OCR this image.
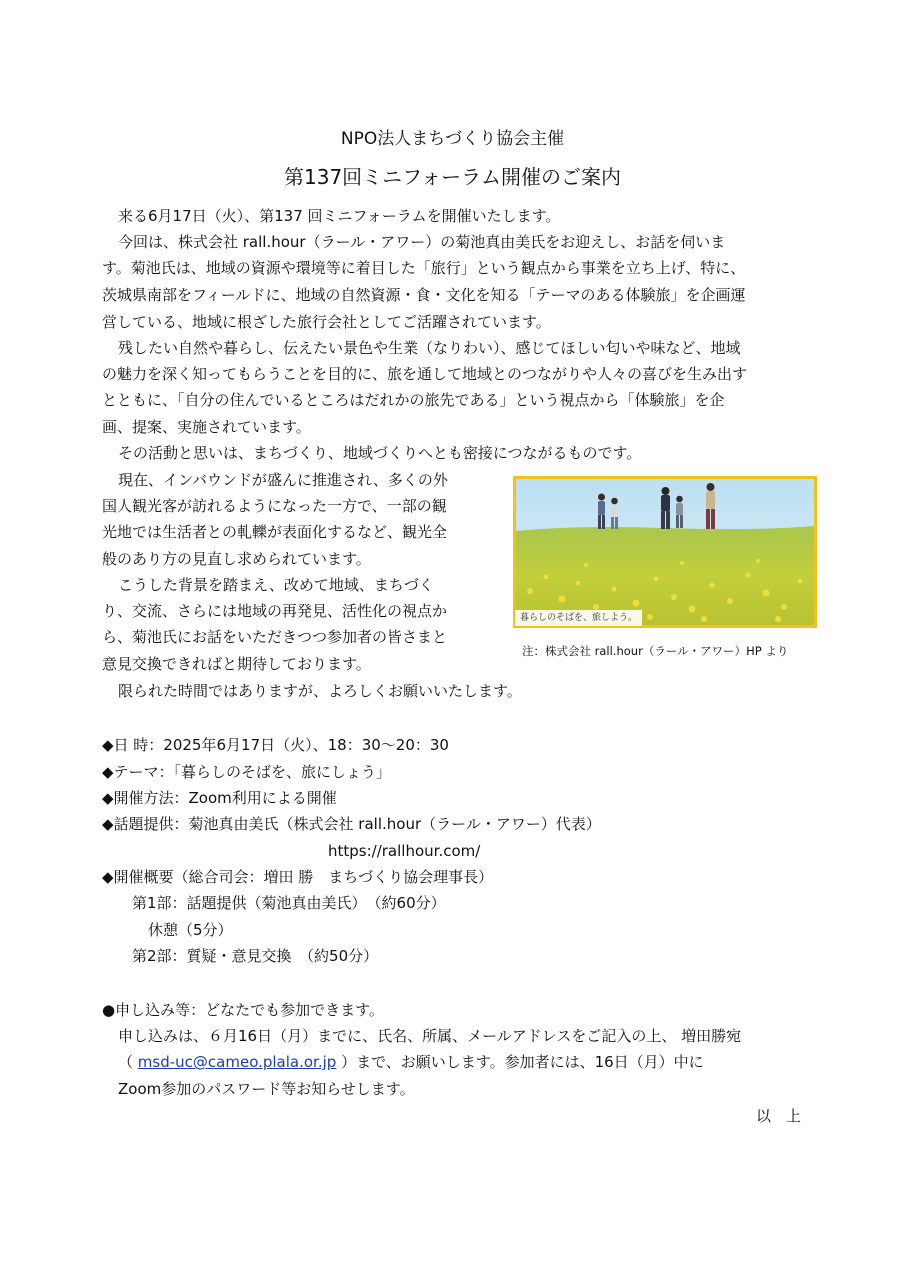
NPO法人まちづくり協会主催
第137回ミニフォーラム開催のご案内
来る6月17日（火）、第137 回ミニフォーラムを開催いたします。
今回は、株式会社 rall.hour（ラール・アワー）の菊池真由美氏をお迎えし、お話を伺いま
す。菊池氏は、地域の資源や環境等に着目した「旅行」という観点から事業を立ち上げ、特に、
茨城県南部をフィールドに、地域の自然資源・食・文化を知る「テーマのある体験旅」を企画運
営している、地域に根ざした旅行会社としてご活躍されています。
残したい自然や暮らし、伝えたい景色や生業（なりわい）、感じてほしい匂いや味など、地域
の魅力を深く知ってもらうことを目的に、旅を通して地域とのつながりや人々の喜びを生み出す
とともに、「自分の住んでいるところはだれかの旅先である」という視点から「体験旅」を企
画、提案、実施されています。
その活動と思いは、まちづくり、地域づくりへとも密接につながるものです。
現在、インバウンドが盛んに推進され、多くの外
国人観光客が訪れるようになった一方で、一部の観
光地では生活者との軋轢が表面化するなど、観光全
般のあり方の見直し求められています。
こうした背景を踏まえ、改めて地域、まちづく
り、交流、さらには地域の再発見、活性化の視点か
ら、菊池氏にお話をいただきつつ参加者の皆さまと
意見交換できればと期待しております。
限られた時間ではありますが、よろしくお願いいたします。
暮らしのそばを、旅しよう。
注：株式会社 rall.hour（ラール・アワー）HP より
◆日 時：2025年6月17日（火）、18：30～20：30
◆テーマ：「暮らしのそばを、旅にしょう」
◆開催方法：Zoom利用による開催
◆話題提供：菊池真由美氏（株式会社 rall.hour（ラール・アワー）代表）
https://rallhour.com/
◆開催概要（総合司会：増田 勝　まちづくり協会理事長）
第1部：話題提供（菊池真由美氏）　（約60分）
休憩（5分）
第2部：質疑・意見交換　（約50分）
●申し込み等：どなたでも参加できます。
申し込みは、６月16日（月）までに、氏名、所属、メールアドレスをご記入の上、 増田勝宛
（ msd-uc@cameo.plala.or.jp ）まで、お願いします。参加者には、16日（月）中に
Zoom参加のパスワード等お知らせします。
以　上
